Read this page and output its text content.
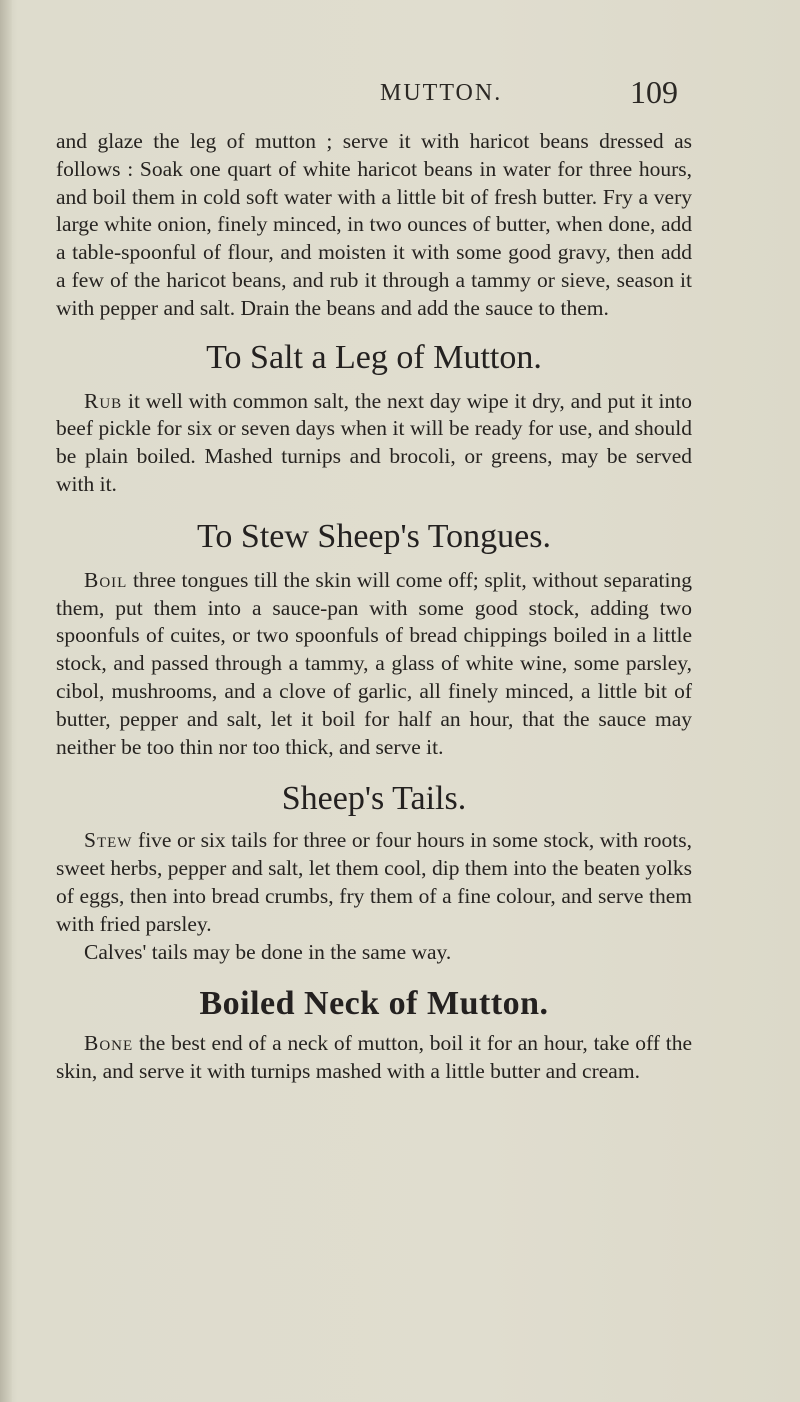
MUTTON.	109

and glaze the leg of mutton ; serve it with haricot beans dressed as follows : Soak one quart of white haricot beans in water for three hours, and boil them in cold soft water with a little bit of fresh butter. Fry a very large white onion, finely minced, in two ounces of butter, when done, add a table-spoonful of flour, and moisten it with some good gravy, then add a few of the haricot beans, and rub it through a tammy or sieve, season it with pepper and salt. Drain the beans and add the sauce to them.

To Salt a Leg of Mutton.

Rub it well with common salt, the next day wipe it dry, and put it into beef pickle for six or seven days when it will be ready for use, and should be plain boiled. Mashed turnips and brocoli, or greens, may be served with it.

To Stew Sheep's Tongues.

Boil three tongues till the skin will come off; split, without separating them, put them into a sauce-pan with some good stock, adding two spoonfuls of cuites, or two spoonfuls of bread chippings boiled in a little stock, and passed through a tammy, a glass of white wine, some parsley, cibol, mushrooms, and a clove of garlic, all finely minced, a little bit of butter, pepper and salt, let it boil for half an hour, that the sauce may neither be too thin nor too thick, and serve it.

Sheep's Tails.

Stew five or six tails for three or four hours in some stock, with roots, sweet herbs, pepper and salt, let them cool, dip them into the beaten yolks of eggs, then into bread crumbs, fry them of a fine colour, and serve them with fried parsley.

Calves' tails may be done in the same way.

Boiled Neck of Mutton.

Bone the best end of a neck of mutton, boil it for an hour, take off the skin, and serve it with turnips mashed with a little butter and cream.
